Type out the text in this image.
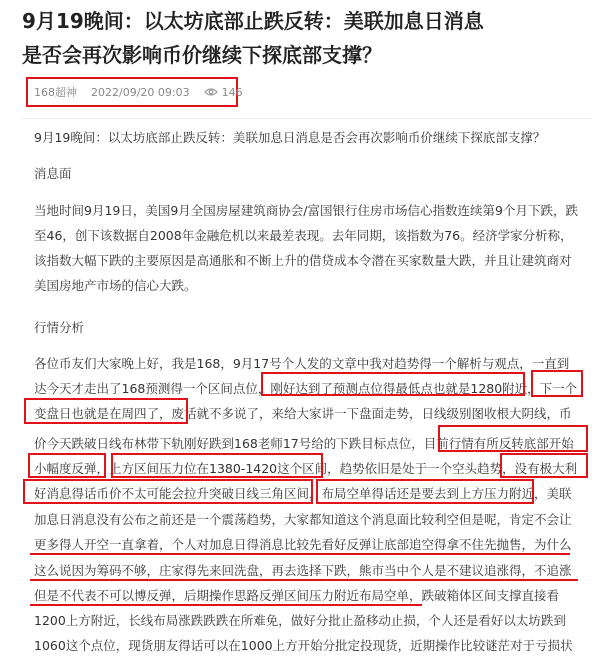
9月19晚间：以太坊底部止跌反转：美联加息日消息
是否会再次影响币价继续下探底部支撑？
168超神 2022/09/20 09:03	146

9月19晚间：以太坊底部止跌反转：美联加息日消息是否会再次影响币价继续下探底部支撑？

消息面

当地时间9月19日，美国9月全国房屋建筑商协会/富国银行住房市场信心指数连续第9个月下跌，跌

至46，创下该数据自2008年金融危机以来最差表现。去年同期，该指数为76。经济学家分析称，

该指数大幅下跌的主要原因是高通胀和不断上升的借贷成本令潜在买家数量大跌，并且让建筑商对

美国房地产市场的信心大跌。

行情分析

各位币友们大家晚上好，我是168，9月17号个人发的文章中我对趋势得一个解析与观点，一直到

达今天才走出了168预测得一个区间点位，刚好达到了预测点位得最低点也就是1280附近，下一个

变盘日也就是在周四了，废话就不多说了，来给大家讲一下盘面走势，日线级别图收根大阴线，币

价今天跌破日线布林带下轨刚好跌到168老师17号给的下跌目标点位，目前行情有所反转底部开始

小幅度反弹，上方区间压力位在1380-1420这个区间，趋势依旧是处于一个空头趋势，没有极大利

好消息得话币价不太可能会拉升突破日线三角区间，布局空单得话还是要去到上方压力附近，美联

加息日消息没有公布之前还是一个震荡趋势，大家都知道这个消息面比较利空但是呢，肯定不会让

更多得人开空一直拿着，个人对加息日得消息比较先看好反弹让底部追空得拿不住先抛售，为什么

这么说因为筹码不够，庄家得先来回洗盘，再去选择下跌，熊市当中个人是不建议追涨得，不追涨

但是不代表不可以博反弹，后期操作思路反弹区间压力附近布局空单，跌破箱体区间支撑直接看

1200上方附近，长线布局涨跌跌跌在所难免，做好分批止盈移动止损，个人还是看好以太坊跌到

1060这个点位，现货朋友得话可以在1000上方开始分批定投现货，近期操作比较谜茫对于亏损状
